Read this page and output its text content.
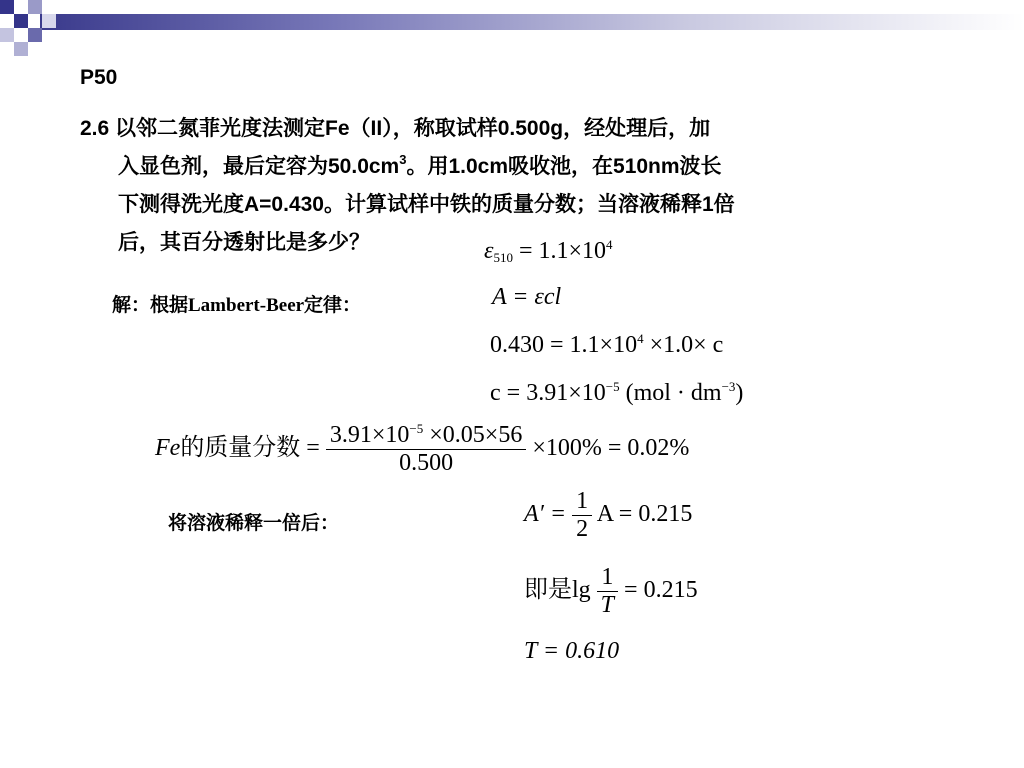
P50
2.6 以邻二氮菲光度法测定Fe（II），称取试样0.500g，经处理后，加
入显色剂，最后定容为$50.0cm^3$。用1.0cm吸收池，在510nm波长
下测得洗光度A=0.430。计算试样中铁的质量分数；当溶液稀释1倍
后，其百分透射比是多少？	$\varepsilon_{510} = 1.1\times 10^4$
解：根据Lambert-Beer定律：	A = εcl
$0.430 = 1.1\times 10^4 \times 1.0\times c$
$c = 3.91\times 10^{-5}$ $(mol \cdot dm^{-3})$
Fe的质量分数 = $\frac{3.91\times 10^{-5} \times 0.05\times 56}{0.500} \times 100\% = 0.02\%$
将溶液稀释一倍后：	$A' = \frac{1}{2}$ A = 0.215
即是$\lg \frac{1}{T} = 0.215$
T = 0.610
